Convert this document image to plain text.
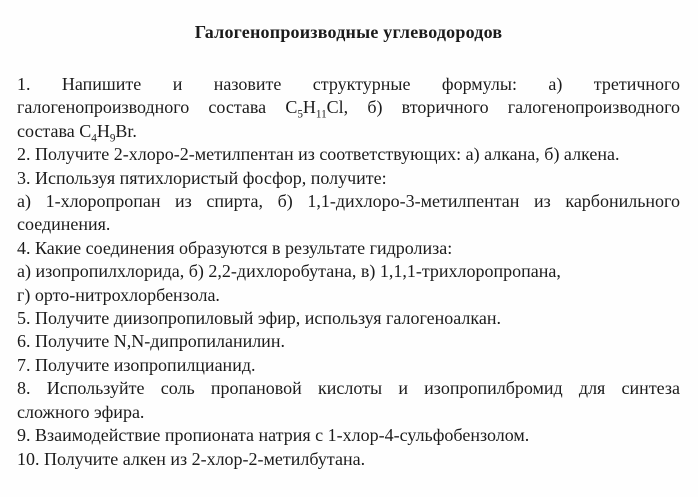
Галогенопроизводные углеводородов
1. Напишите и назовите структурные формулы: а) третичного
галогенопроизводного состава $C_5H_{11}Cl$, б) вторичного галогенопроизводного
состава $C_4H_9Br$.
2. Получите 2-хлоро-2-метилпентан из соответствующих: а) алкана, б) алкена.
3. Используя пятихлористый фосфор, получите:
а) 1-хлоропропан из спирта, б) 1,1-дихлоро-3-метилпентан из карбонильного
соединения.
4. Какие соединения образуются в результате гидролиза:
а) изопропилхлорида, б) 2,2-дихлоробутана, в) 1,1,1-трихлоропропана,
г) орто-нитрохлорбензола.
5. Получите диизопропиловый эфир, используя галогеноалкан.
6. Получите N,N-дипропиланилин.
7. Получите изопропилцианид.
8. Используйте соль пропановой кислоты и изопропилбромид для синтеза
сложного эфира.
9. Взаимодействие пропионата натрия с 1-хлор-4-сульфобензолом.
10. Получите алкен из 2-хлор-2-метилбутана.
